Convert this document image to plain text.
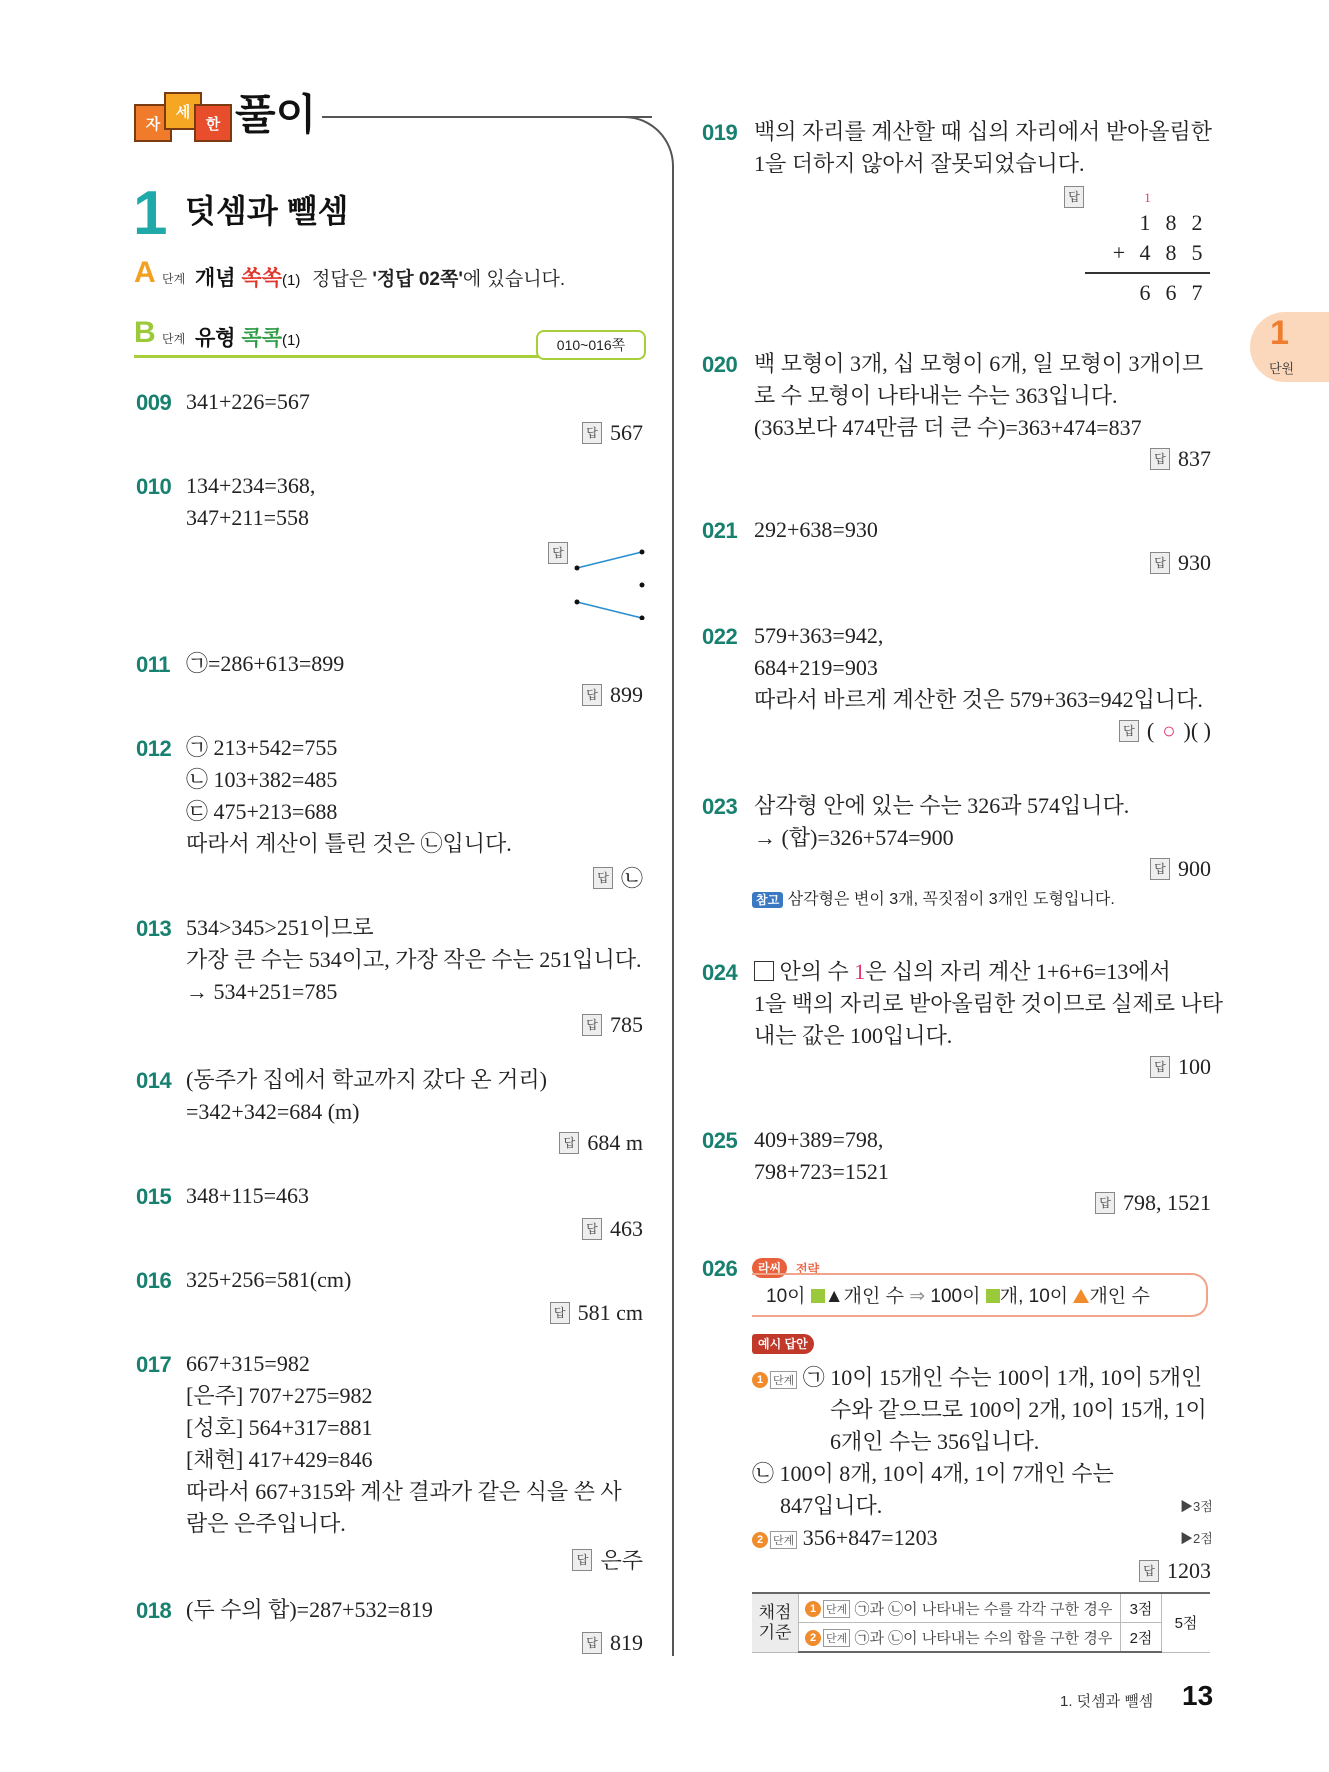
자
세
한 풀이
1 덧셈과 뺄셈
A 단계 개념 쏙쏙(1) 정답은 '정답 02쪽'에 있습니다.
B 단계 유형 콕콕(1)	010~016쪽	1
단원
009 341+226=567
답 567
010 134+234=368,
347+211=558
답
011 ㉠=286+613=899
답 899
012 ㉠ 213+542=755
㉡ 103+382=485
㉢ 475+213=688
따라서 계산이 틀린 것은 ㉡입니다.
답 ㉡
013 534>345>251이므로
가장 큰 수는 534이고, 가장 작은 수는 251입니다.
→ 534+251=785
답 785
014 (동주가 집에서 학교까지 갔다 온 거리)
=342+342=684 (m)
답 684 m
015 348+115=463
답 463
016 325+256=581(cm)
답 581 cm
017 667+315=982
[은주] 707+275=982
[성호] 564+317=881
[채현] 417+429=846
따라서 667+315와 계산 결과가 같은 식을 쓴 사
람은 은주입니다.
답 은주
018 (두 수의 합)=287+532=819
답 819
019 백의 자리를 계산할 때 십의 자리에서 받아올림한
1을 더하지 않아서 잘못되었습니다.
답	1
1 8 2
+ 4 8 5
6 6 7
020 백 모형이 3개, 십 모형이 6개, 일 모형이 3개이므
로 수 모형이 나타내는 수는 363입니다.
(363보다 474만큼 더 큰 수)=363+474=837
답 837
021 292+638=930
답 930
022 579+363=942,
684+219=903
따라서 바르게 계산한 것은 579+363=942입니다.
답 ( ○ )( )
023 삼각형 안에 있는 수는 326과 574입니다.
→ (합)=326+574=900
답 900
참고 삼각형은 변이 3개, 꼭짓점이 3개인 도형입니다.
024	안의 수 1은 십의 자리 계산 1+6+6=13에서
1을 백의 자리로 받아올림한 것이므로 실제로 나타
내는 값은 100입니다.
답 100
025 409+389=798,
798+723=1521
답 798, 1521
026	라씨	전략
10이 ▲개인 수 ⇒ 100이 개, 10이 개인 수
예시 답안
1 단계 ㉠ 10이 15개인 수는 100이 1개, 10이 5개인
수와 같으므로 100이 2개, 10이 15개, 1이
6개인 수는 356입니다.
㉡ 100이 8개, 10이 4개, 1이 7개인 수는
847입니다.	▶3점
2 단계 356+847=1203	▶2점
답 1203
채점 기준	1 단계 ㉠과 ㉡이 나타내는 수를 각각 구한 경우	3점	5점

2 단계 ㉠과 ㉡이 나타내는 수의 합을 구한 경우	2점	
1. 덧셈과 뺄셈 13
